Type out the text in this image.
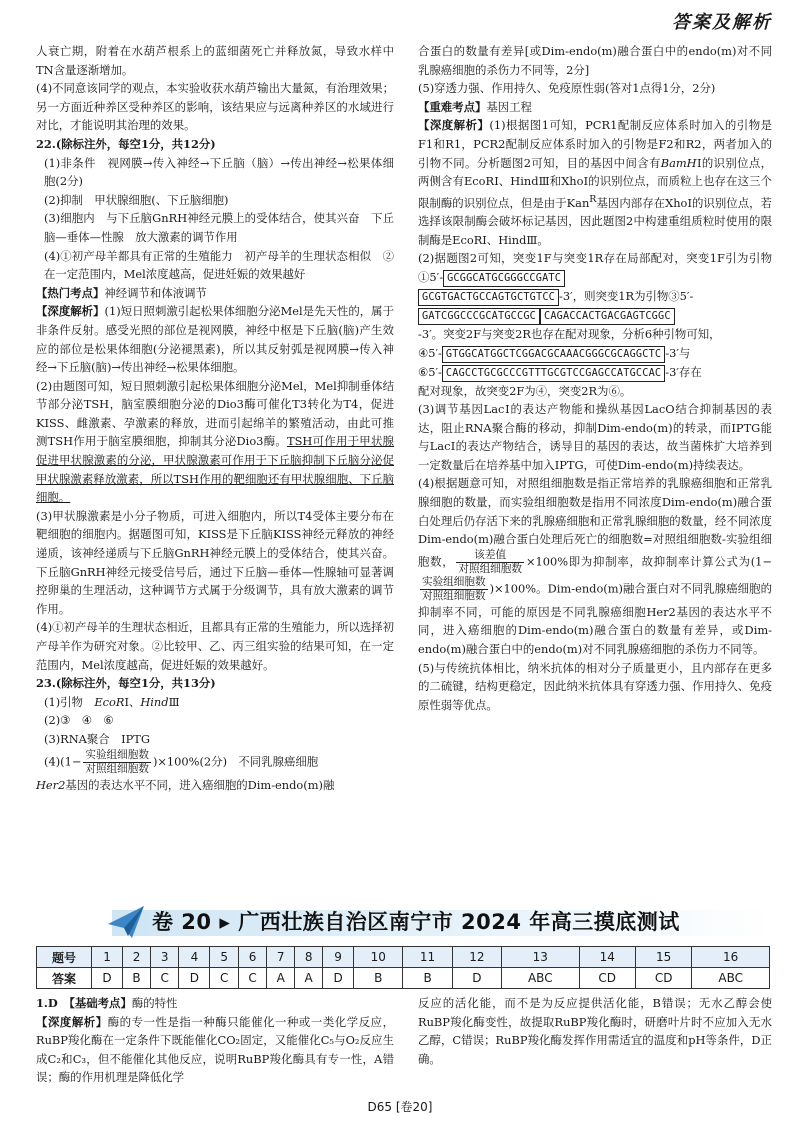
答案及解析

人衰亡期，附着在水葫芦根系上的蓝细菌死亡并释放氮，导致水样中TN含量逐渐增加。

(4)不同意该同学的观点，本实验收获水葫芦输出大量氮，有治理效果；另一方面近种养区受种养区的影响，该结果应与远离种养区的水域进行对比，才能说明其治理的效果。

22.(除标注外，每空1分，共12分)

(1)非条件　视网膜→传入神经→下丘脑（脑）→传出神经→松果体细胞(2分)

(2)抑制　甲状腺细胞(、下丘脑细胞)

(3)细胞内　与下丘脑GnRH神经元膜上的受体结合，使其兴奋　下丘脑—垂体—性腺　放大激素的调节作用

(4)①初产母羊都具有正常的生殖能力　初产母羊的生理状态相似　②在一定范围内，Mel浓度越高，促进妊娠的效果越好

【热门考点】神经调节和体液调节

【深度解析】(1)短日照刺激引起松果体细胞分泌Mel是先天性的，属于非条件反射。感受光照的部位是视网膜，神经中枢是下丘脑(脑)产生效应的部位是松果体细胞(分泌褪黑素)，所以其反射弧是视网膜→传入神经→下丘脑(脑)→传出神经→松果体细胞。

(2)由题图可知，短日照刺激引起松果体细胞分泌Mel，Mel抑制垂体结节部分泌TSH，脑室膜细胞分泌的Dio3酶可催化T3转化为T4，促进KISS、雌激素、孕激素的释放，进而引起绵羊的繁殖活动，由此可推测TSH作用于脑室膜细胞，抑制其分泌Dio3酶。TSH可作用于甲状腺促进甲状腺激素的分泌，甲状腺激素可作用于下丘脑抑制下丘脑分泌促甲状腺激素释放激素，所以TSH作用的靶细胞还有甲状腺细胞、下丘脑细胞。

(3)甲状腺激素是小分子物质，可进入细胞内，所以T4受体主要分布在靶细胞的细胞内。据题图可知，KISS是下丘脑KISS神经元释放的神经递质，该神经递质与下丘脑GnRH神经元膜上的受体结合，使其兴奋。下丘脑GnRH神经元接受信号后，通过下丘脑—垂体—性腺轴可显著调控卵巢的生理活动，这种调节方式属于分级调节，具有放大激素的调节作用。

(4)①初产母羊的生理状态相近，且都具有正常的生殖能力，所以选择初产母羊作为研究对象。②比较甲、乙、丙三组实验的结果可知，在一定范围内，Mel浓度越高，促进妊娠的效果越好。

23.(除标注外，每空1分，共13分)

(1)引物　EcoRⅠ、HindⅢ

(2)③　④　⑥

(3)RNA聚合　IPTG

$(4)(1- \frac{\text{实验组细胞数}}{\text{对照组细胞数}} )\times 100\%(2$分)　不同乳腺癌细胞

Her2基因的表达水平不同，进入癌细胞的Dim-endo(m)融

合蛋白的数量有差异[或Dim-endo(m)融合蛋白中的endo(m)对不同乳腺癌细胞的杀伤力不同等，2分]

(5)穿透力强、作用持久、免疫原性弱(答对1点得1分，2分)

【重难考点】基因工程

【深度解析】(1)根据图1可知，PCR1配制反应体系时加入的引物是F1和R1，PCR2配制反应体系时加入的引物是F2和R2，两者加入的引物不同。分析题图2可知，目的基因中间含有BamHⅠ的识别位点，两侧含有EcoRⅠ、HindⅢ和XhoⅠ的识别位点，而质粒上也存在这三个限制酶的识别位点，但是由于Kan$^R$基因内部存在XhoⅠ的识别位点，若选择该限制酶会破坏标记基因，因此题图2中构建重组质粒时使用的限制酶是EcoRⅠ、HindⅢ。

(2)据题图2可知，突变1F与突变1R存在局部配对，突变1F引为引物①5′- GCGGCATGCGGGCCGATC

GCGTGACTGCCAGTGCTGTCC -3′，则突变1R为引物③5′-

GATCGGCCCGCATGCCGC CAGACCACTGACGAGTCGGC

-3′。突变2F与突变2R也存在配对现象，分析6种引物可知，

④5′- GTGGCATGGCTCGGACGCAAACGGGCGCAGGCTC -3′与

⑥5′- CAGCCTGCGCCCGTTTGCGTCCGAGCCATGCCAC -3′存在

配对现象，故突变2F为④，突变2R为⑥。

(3)调节基因LacⅠ的表达产物能和操纵基因LacO结合抑制基因的表达，阻止RNA聚合酶的移动，抑制Dim-endo(m)的转录，而IPTG能与LacⅠ的表达产物结合，诱导目的基因的表达，故当菌株扩大培养到一定数量后在培养基中加入IPTG，可使Dim-endo(m)持续表达。

(4)根据题意可知，对照组细胞数是指正常培养的乳腺癌细胞和正常乳腺细胞的数量，而实验组细胞数是指用不同浓度Dim-endo(m)融合蛋白处理后仍存活下来的乳腺癌细胞和正常乳腺细胞的数量，经不同浓度Dim-endo(m)融合蛋白处理后死亡的细胞数=对照组细胞数-实验组细胞数， $\frac{\text{该差值}}{\text{对照组细胞数}} \times 100\%$即为抑制率，故抑制率计算公式为(1−
$\frac{\text{实验组细胞数}}{\text{对照组细胞数}} )\times 100\%$。Dim-endo(m)融合蛋白对不同乳腺癌细胞的抑制率不同，可能的原因是不同乳腺癌细胞Her2基因的表达水平不同，进入癌细胞的Dim-endo(m)融合蛋白的数量有差异，或Dim-endo(m)融合蛋白中的endo(m)对不同乳腺癌细胞的杀伤力不同等。

(5)与传统抗体相比，纳米抗体的相对分子质量更小，且内部存在更多的二硫键，结构更稳定，因此纳米抗体具有穿透力强、作用持久、免疫原性弱等优点。

卷 20 ▸ 广西壮族自治区南宁市 2024 年高三摸底测试
题号	1	2	3	4	5	6	7	8	9	10	11	12	13	14	15	16
答案	D	B	C	D	C	C	A	A	D	B	B	D	ABC	CD	CD	ABC

1.D　 【基础考点】酶的特性

【深度解析】酶的专一性是指一种酶只能催化一种或一类化学反应，RuBP羧化酶在一定条件下既能催化CO₂固定，又能催化C₅与O₂反应生成C₂和C₃，但不能催化其他反应，说明RuBP羧化酶具有专一性，A错误；酶的作用机理是降低化学

反应的活化能，而不是为反应提供活化能，B错误；无水乙醇会使RuBP羧化酶变性，故提取RuBP羧化酶时，研磨叶片时不应加入无水乙醇，C错误；RuBP羧化酶发挥作用需适宜的温度和pH等条件，D正确。

D65 [卷20]
